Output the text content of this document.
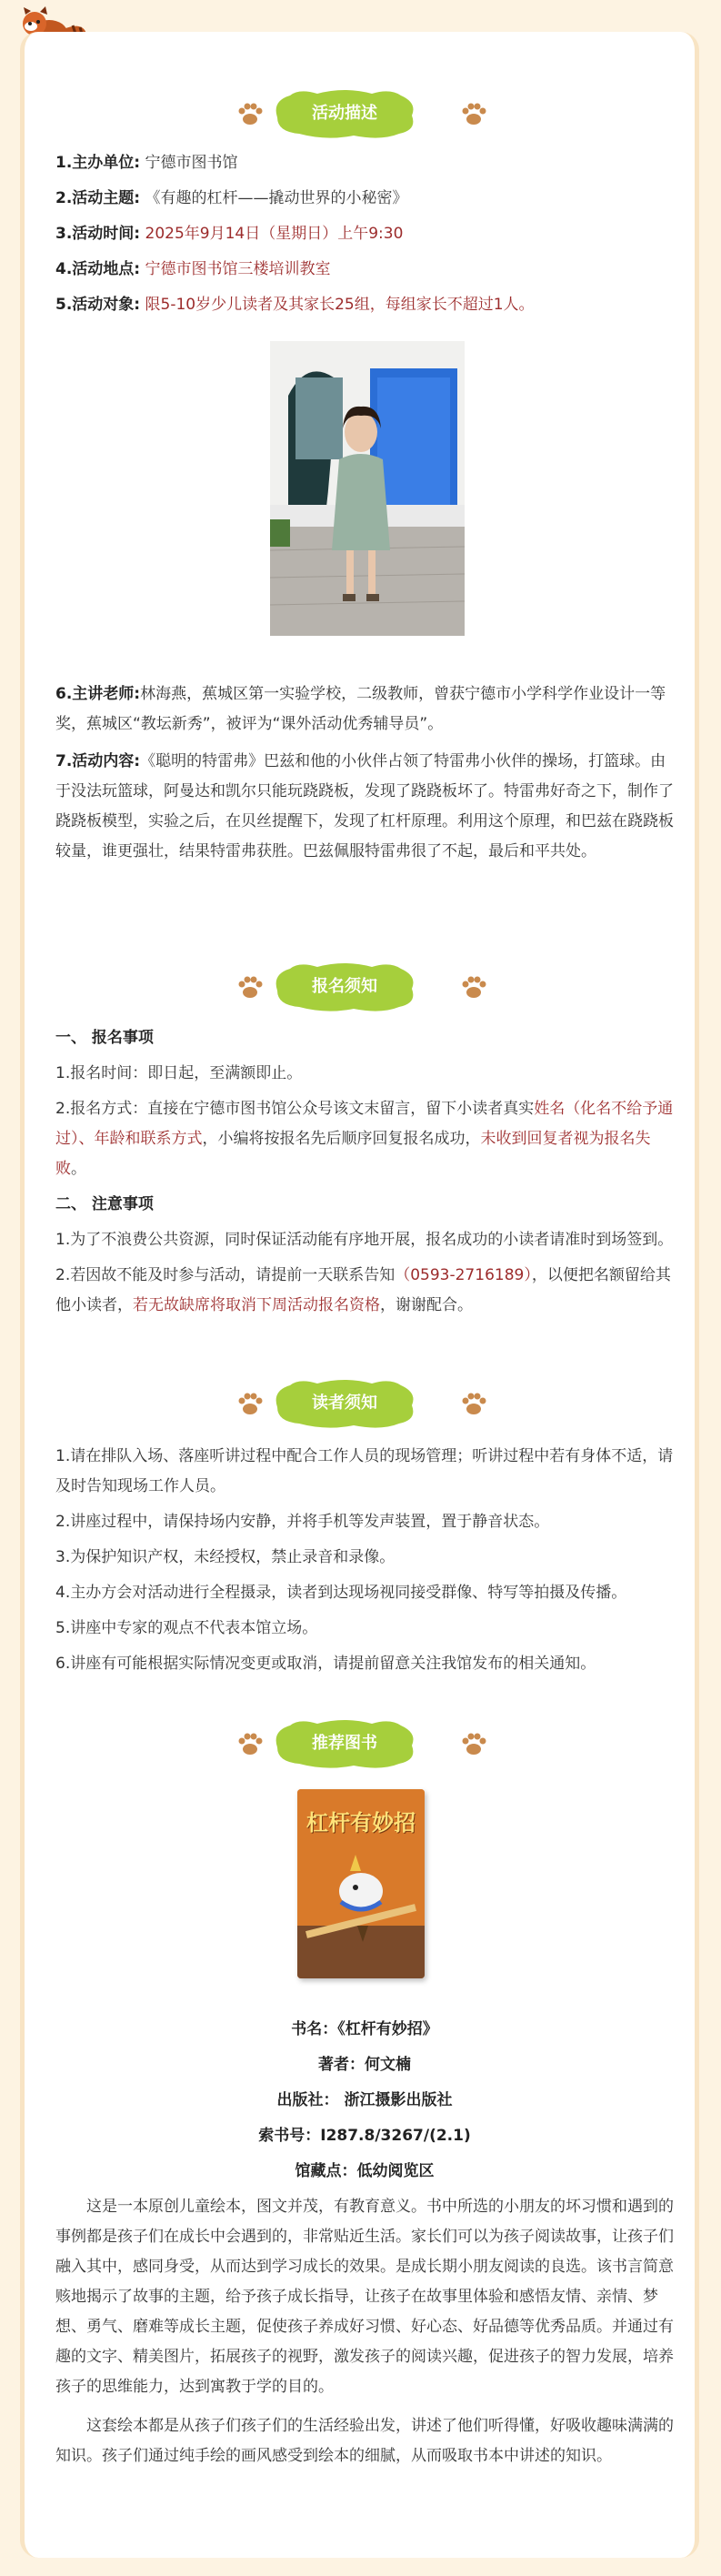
活动描述

1.主办单位: 宁德市图书馆

2.活动主题: 《有趣的杠杆——撬动世界的小秘密》

3.活动时间: 2025年9月14日（星期日）上午9:30

4.活动地点: 宁德市图书馆三楼培训教室

5.活动对象: 限5-10岁少儿读者及其家长25组，每组家长不超过1人。

6.主讲老师:林海燕，蕉城区第一实验学校，二级教师，曾获宁德市小学科学作业设计一等奖，蕉城区“教坛新秀”，被评为“课外活动优秀辅导员”。

7.活动内容:《聪明的特雷弗》巴兹和他的小伙伴占领了特雷弗小伙伴的操场，打篮球。由于没法玩篮球，阿曼达和凯尔只能玩跷跷板，发现了跷跷板坏了。特雷弗好奇之下，制作了跷跷板模型，实验之后，在贝丝提醒下，发现了杠杆原理。利用这个原理，和巴兹在跷跷板较量，谁更强壮，结果特雷弗获胜。巴兹佩服特雷弗很了不起，最后和平共处。

报名须知

一、 报名事项

1.报名时间：即日起，至满额即止。

2.报名方式：直接在宁德市图书馆公众号该文末留言，留下小读者真实姓名（化名不给予通过）、年龄和联系方式，小编将按报名先后顺序回复报名成功，未收到回复者视为报名失败。

二、 注意事项

1.为了不浪费公共资源，同时保证活动能有序地开展，报名成功的小读者请准时到场签到。

2.若因故不能及时参与活动，请提前一天联系告知（0593-2716189），以便把名额留给其他小读者，若无故缺席将取消下周活动报名资格，谢谢配合。

读者须知

1.请在排队入场、落座听讲过程中配合工作人员的现场管理；听讲过程中若有身体不适，请及时告知现场工作人员。

2.讲座过程中，请保持场内安静，并将手机等发声装置，置于静音状态。

3.为保护知识产权，未经授权，禁止录音和录像。

4.主办方会对活动进行全程摄录，读者到达现场视同接受群像、特写等拍摄及传播。

5.讲座中专家的观点不代表本馆立场。

6.讲座有可能根据实际情况变更或取消，请提前留意关注我馆发布的相关通知。

推荐图书
杠杆有妙招

书名：《杠杆有妙招》

著者：何文楠

出版社： 浙江摄影出版社

索书号：I287.8/3267/(2.1)

馆藏点：低幼阅览区

这是一本原创儿童绘本，图文并茂，有教育意义。书中所选的小朋友的坏习惯和遇到的事例都是孩子们在成长中会遇到的，非常贴近生活。家长们可以为孩子阅读故事，让孩子们融入其中，感同身受，从而达到学习成长的效果。是成长期小朋友阅读的良选。该书言简意赅地揭示了故事的主题，给予孩子成长指导，让孩子在故事里体验和感悟友情、亲情、梦想、勇气、磨难等成长主题，促使孩子养成好习惯、好心态、好品德等优秀品质。并通过有趣的文字、精美图片，拓展孩子的视野，激发孩子的阅读兴趣，促进孩子的智力发展，培养孩子的思维能力，达到寓教于学的目的。

这套绘本都是从孩子们孩子们的生活经验出发，讲述了他们听得懂，好吸收趣味满满的知识。孩子们通过纯手绘的画风感受到绘本的细腻，从而吸取书本中讲述的知识。
